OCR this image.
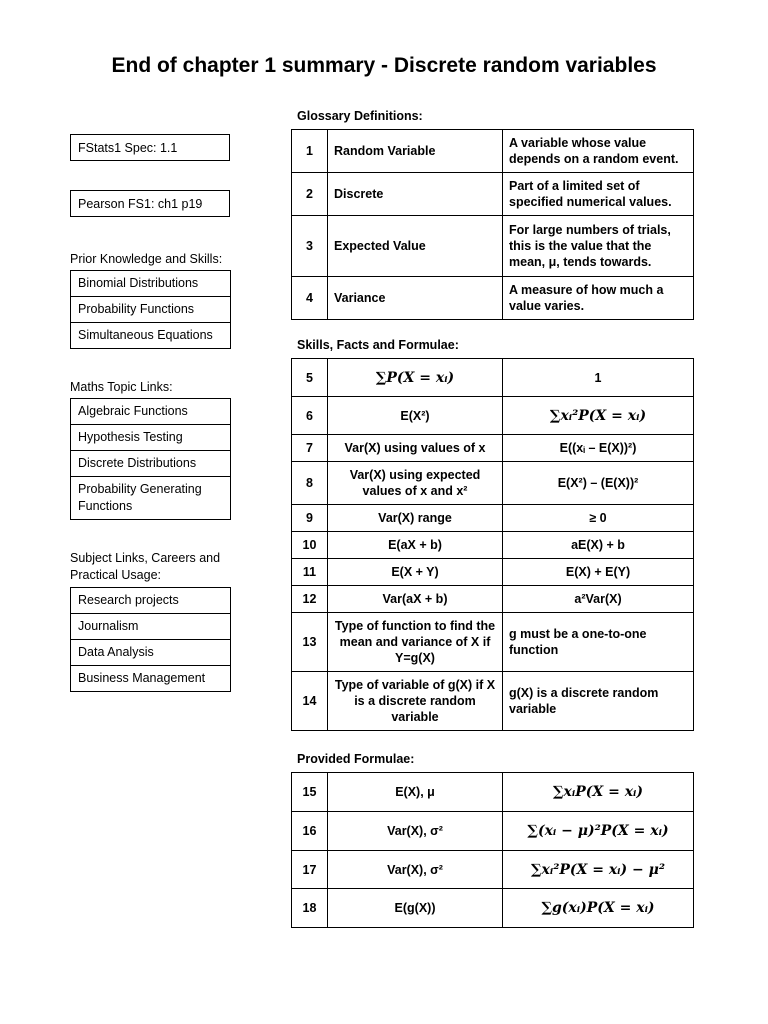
End of chapter 1 summary - Discrete random variables
FStats1 Spec: 1.1
Pearson FS1: ch1 p19
Prior Knowledge and Skills:
Binomial Distributions
Probability Functions
Simultaneous Equations
Maths Topic Links:
Algebraic Functions
Hypothesis Testing
Discrete Distributions
Probability Generating Functions
Subject Links, Careers and Practical Usage:
Research projects
Journalism
Data Analysis
Business Management
Glossary Definitions:
1	Random Variable	A variable whose value depends on a random event.
2	Discrete	Part of a limited set of specified numerical values.
3	Expected Value	For large numbers of trials, this is the value that the mean, μ, tends towards.
4	Variance	A measure of how much a value varies.
Skills, Facts and Formulae:
5	∑P(X = xᵢ)	1
6	E(X²)	∑xᵢ²P(X = xᵢ)
7	Var(X) using values of x	E((xᵢ – E(X))²)
8	Var(X) using expected values of x and x²	E(X²) – (E(X))²
9	Var(X) range	≥ 0
10	E(aX + b)	aE(X) + b
11	E(X + Y)	E(X) + E(Y)
12	Var(aX + b)	a²Var(X)
13	Type of function to find the mean and variance of X if Y=g(X)	g must be a one-to-one function
14	Type of variable of g(X) if X is a discrete random variable	g(X) is a discrete random variable
Provided Formulae:
15	E(X), μ	∑xᵢP(X = xᵢ)
16	Var(X), σ²	∑(xᵢ − μ)²P(X = xᵢ)
17	Var(X), σ²	∑xᵢ²P(X = xᵢ) − μ²
18	E(g(X))	∑g(xᵢ)P(X = xᵢ)
